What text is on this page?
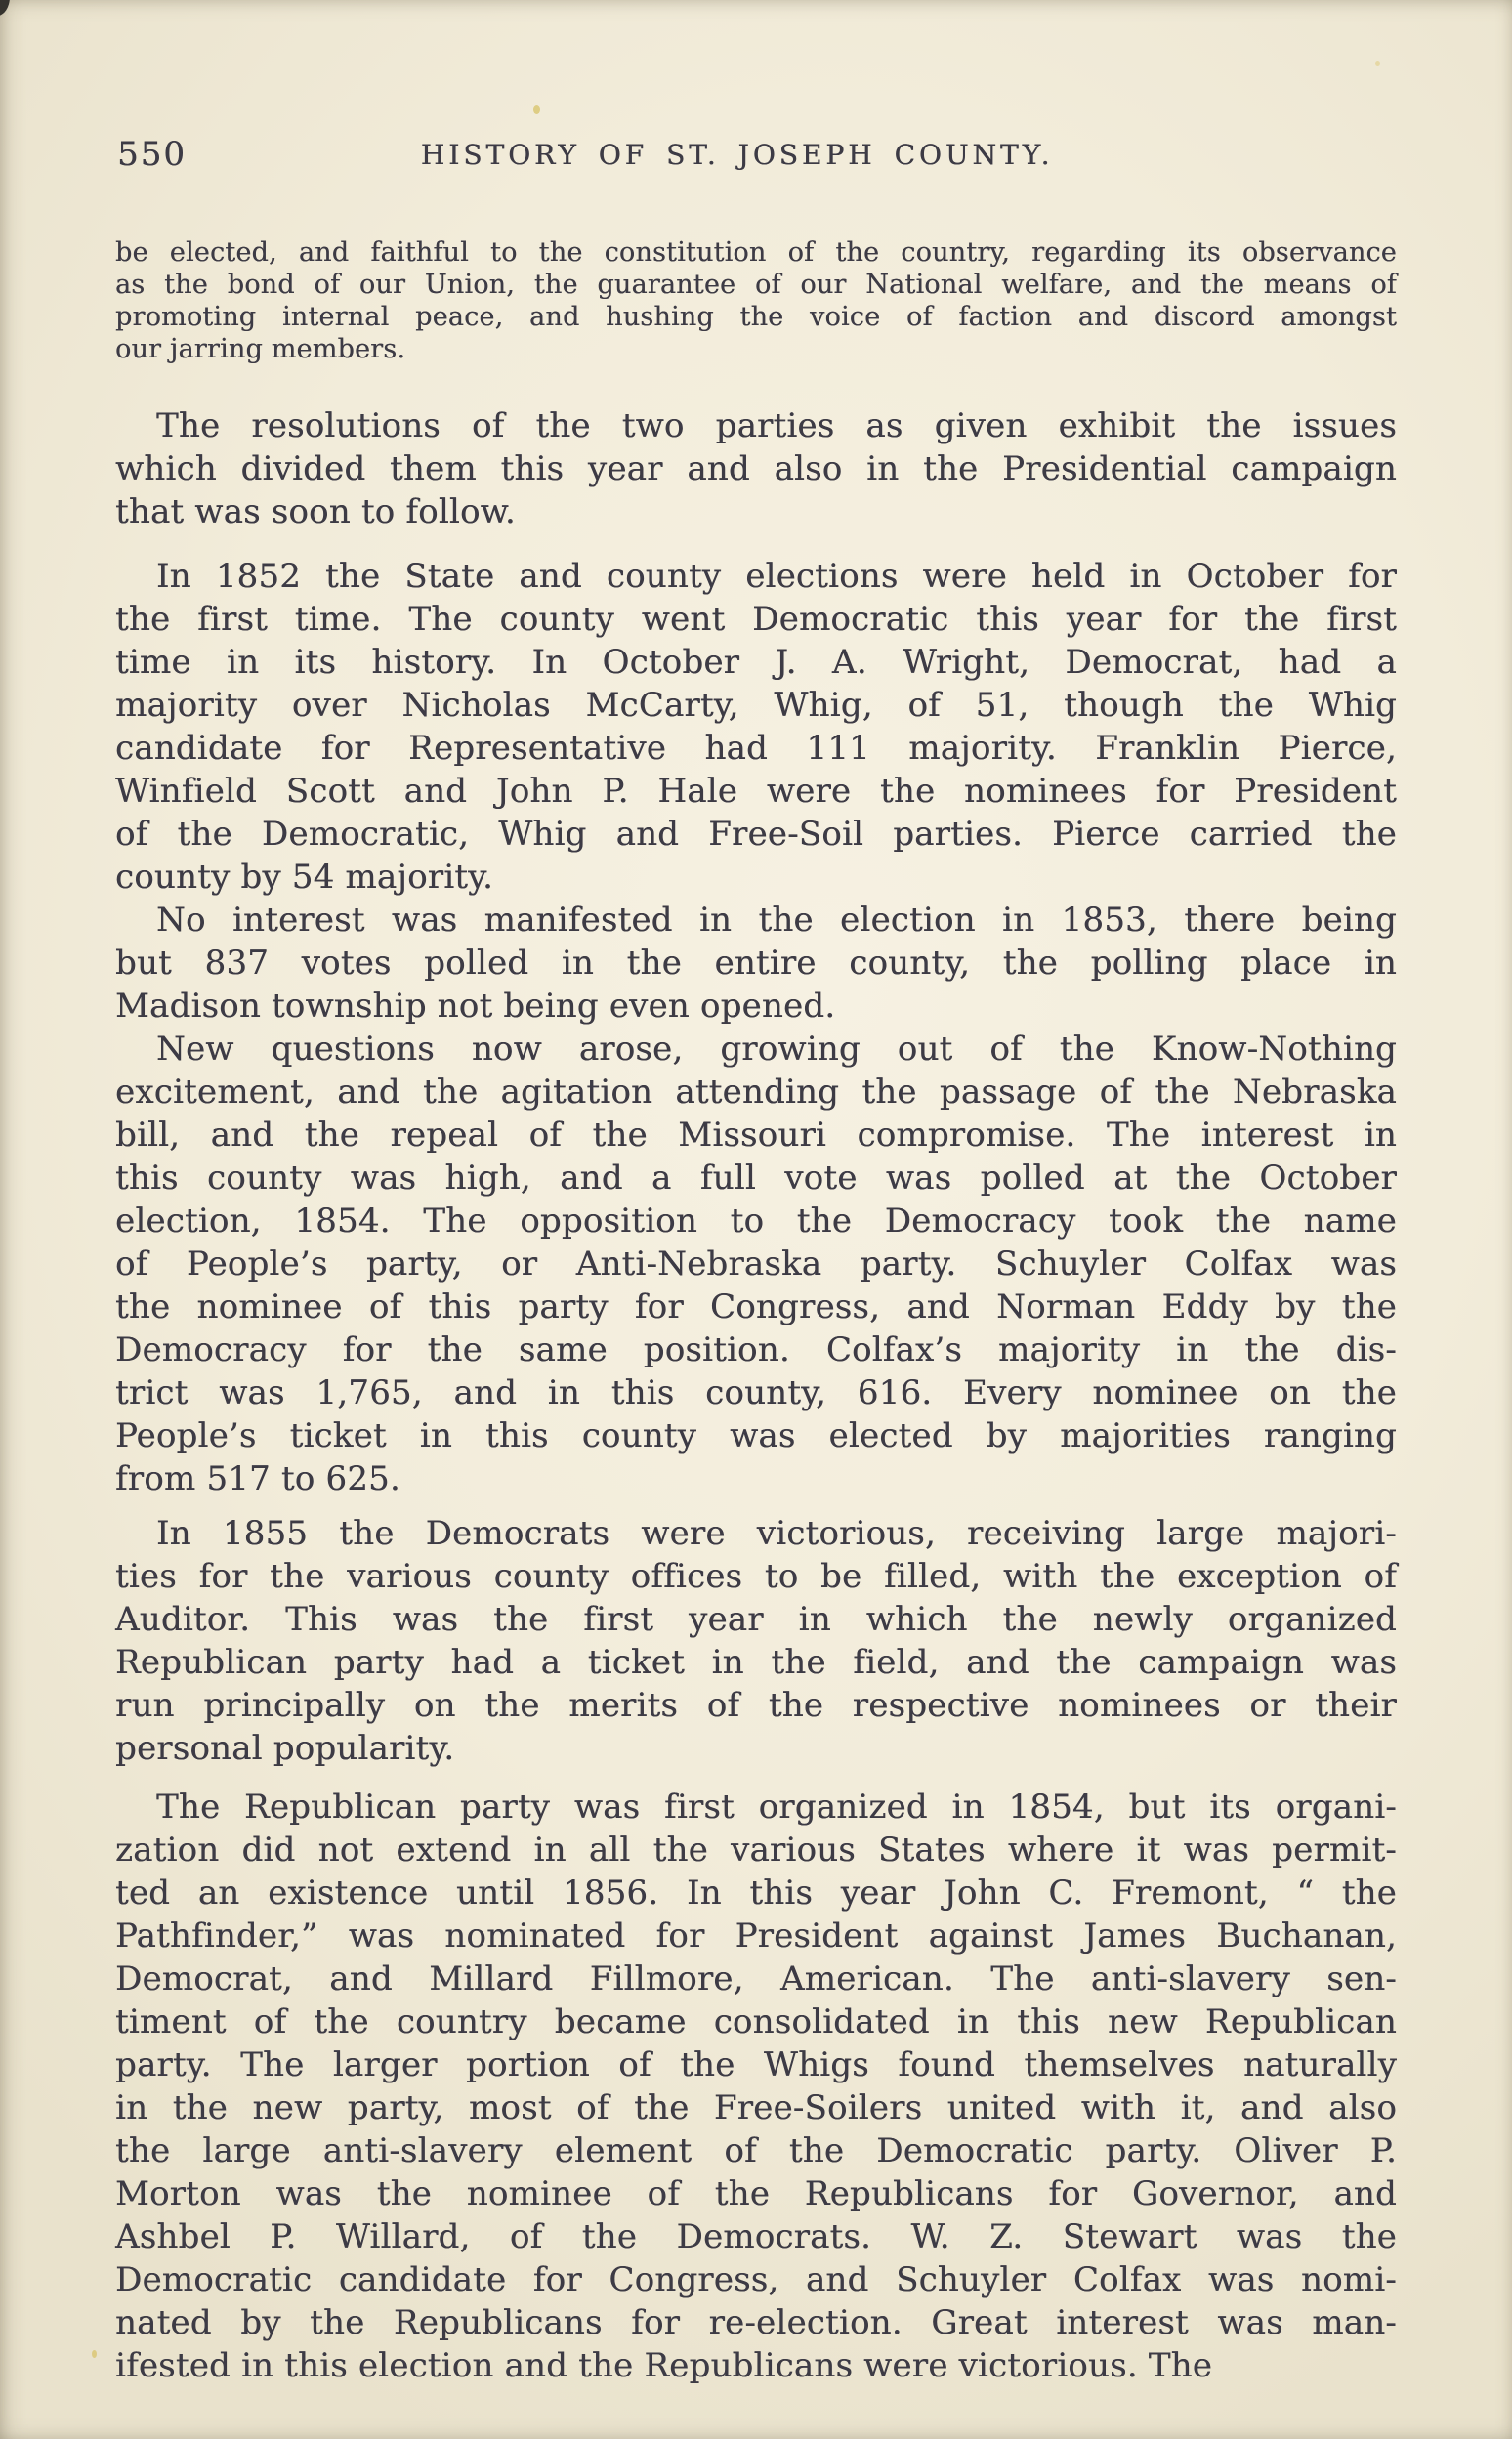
550	HISTORY OF ST. JOSEPH COUNTY.

be elected, and faithful to the constitution of the country, regarding its observance
as the bond of our Union, the guarantee of our National welfare, and the means of
promoting internal peace, and hushing the voice of faction and discord amongst
our jarring members.

The resolutions of the two parties as given exhibit the issues
which divided them this year and also in the Presidential campaign
that was soon to follow.

In 1852 the State and county elections were held in October for
the first time. The county went Democratic this year for the first
time in its history. In October J. A. Wright, Democrat, had a
majority over Nicholas McCarty, Whig, of 51, though the Whig
candidate for Representative had 111 majority. Franklin Pierce,
Winfield Scott and John P. Hale were the nominees for President
of the Democratic, Whig and Free-Soil parties. Pierce carried the
county by 54 majority.

No interest was manifested in the election in 1853, there being
but 837 votes polled in the entire county, the polling place in
Madison township not being even opened.

New questions now arose, growing out of the Know-Nothing
excitement, and the agitation attending the passage of the Nebraska
bill, and the repeal of the Missouri compromise. The interest in
this county was high, and a full vote was polled at the October
election, 1854. The opposition to the Democracy took the name
of People’s party, or Anti-Nebraska party. Schuyler Colfax was
the nominee of this party for Congress, and Norman Eddy by the
Democracy for the same position. Colfax’s majority in the dis-
trict was 1,765, and in this county, 616. Every nominee on the
People’s ticket in this county was elected by majorities ranging
from 517 to 625.

In 1855 the Democrats were victorious, receiving large majori-
ties for the various county offices to be filled, with the exception of
Auditor. This was the first year in which the newly organized
Republican party had a ticket in the field, and the campaign was
run principally on the merits of the respective nominees or their
personal popularity.

The Republican party was first organized in 1854, but its organi-
zation did not extend in all the various States where it was permit-
ted an existence until 1856. In this year John C. Fremont, “ the
Pathfinder,” was nominated for President against James Buchanan,
Democrat, and Millard Fillmore, American. The anti-slavery sen-
timent of the country became consolidated in this new Republican
party. The larger portion of the Whigs found themselves naturally
in the new party, most of the Free-Soilers united with it, and also
the large anti-slavery element of the Democratic party. Oliver P.
Morton was the nominee of the Republicans for Governor, and
Ashbel P. Willard, of the Democrats. W. Z. Stewart was the
Democratic candidate for Congress, and Schuyler Colfax was nomi-
nated by the Republicans for re-election. Great interest was man-
ifested in this election and the Republicans were victorious. The
